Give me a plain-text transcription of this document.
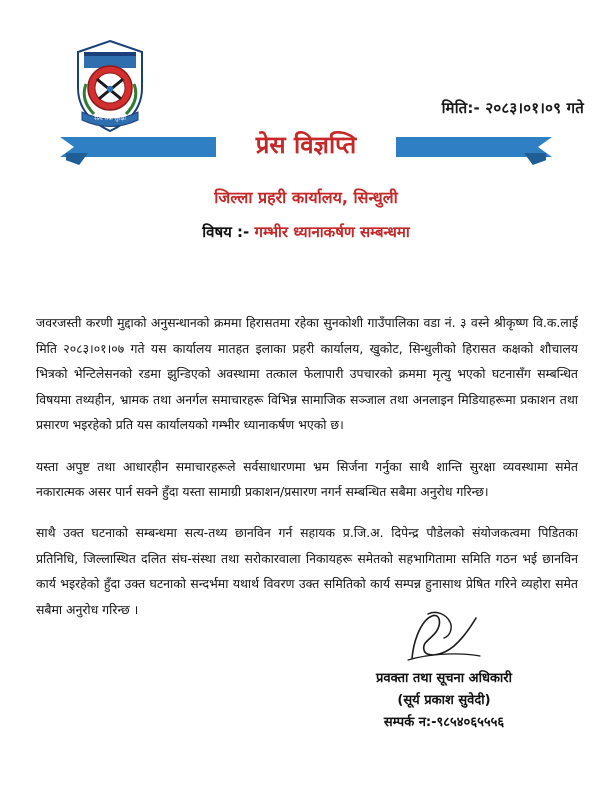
सत्य सेवा सुरक्षा
मिति:- २०८३।०१।०९ गते
प्रेस विज्ञप्ति
जिल्ला प्रहरी कार्यालय, सिन्धुली
विषय :- गम्भीर ध्यानाकर्षण सम्बन्धमा

जवरजस्ती करणी मुद्दाको अनुसन्धानको क्रममा हिरासतमा रहेका सुनकोशी गाउँपालिका वडा नं. ३ वस्ने श्रीकृष्ण वि.क.लाई मिति २०८३।०१।०७ गते यस कार्यालय मातहत इलाका प्रहरी कार्यालय, खुकोट, सिन्धुलीको हिरासत कक्षको शौचालय भित्रको भेन्टिलेसनको रडमा झुन्डिएको अवस्थामा तत्काल फेलापारी उपचारको क्रममा मृत्यु भएको घटनासँग सम्बन्धित विषयमा तथ्यहीन, भ्रामक तथा अनर्गल समाचारहरू विभिन्न सामाजिक सञ्जाल तथा अनलाइन मिडियाहरूमा प्रकाशन तथा प्रसारण भइरहेको प्रति यस कार्यालयको गम्भीर ध्यानाकर्षण भएको छ।

यस्ता अपुष्ट तथा आधारहीन समाचारहरूले सर्वसाधारणमा भ्रम सिर्जना गर्नुका साथै शान्ति सुरक्षा व्यवस्थामा समेत नकारात्मक असर पार्न सक्ने हुँदा यस्ता सामाग्री प्रकाशन/प्रसारण नगर्न सम्बन्धित सबैमा अनुरोध गरिन्छ।

साथै उक्त घटनाको सम्बन्धमा सत्य-तथ्य छानविन गर्न सहायक प्र.जि.अ. दिपेन्द्र पौडेलको संयोजकत्वमा पिडितका प्रतिनिधि, जिल्लास्थित दलित संघ-संस्था तथा सरोकारवाला निकायहरू समेतको सहभागितामा समिति गठन भई छानविन कार्य भइरहेको हुँदा उक्त घटनाको सन्दर्भमा यथार्थ विवरण उक्त समितिको कार्य सम्पन्न हुनासाथ प्रेषित गरिने व्यहोरा समेत सबैमा अनुरोध गरिन्छ ।

प्रवक्ता तथा सूचना अधिकारी
(सूर्य प्रकाश सुवेदी)
सम्पर्क न:-९८५४०६५५५६
